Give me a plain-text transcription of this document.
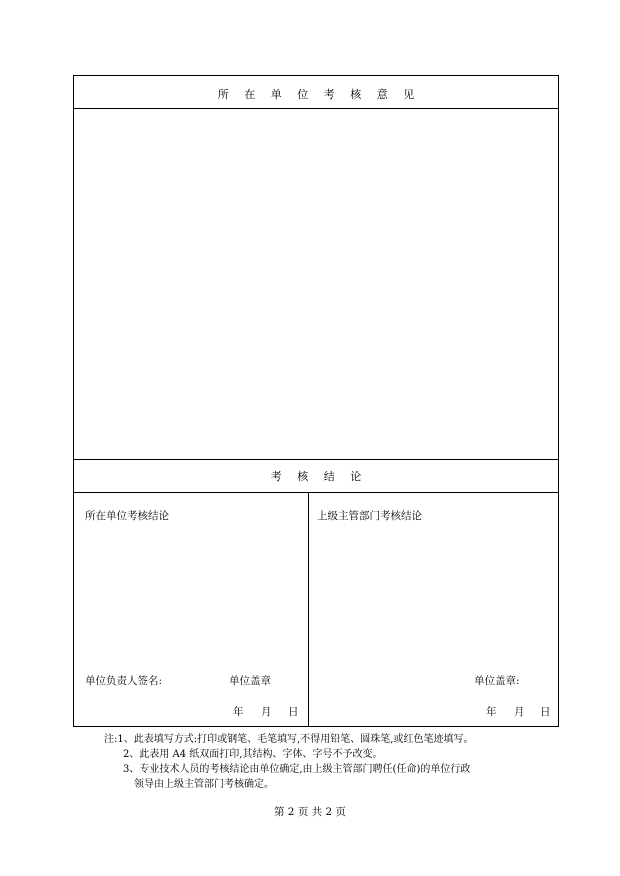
所 在 单 位 考 核 意 见
考 核 结 论
所在单位考核结论
单位负责人签名:	单位盖章
年 月 日
上级主管部门考核结论
单位盖章:
年 月 日
注:1、此表填写方式:打印或钢笔、毛笔填写,不得用铅笔、圆珠笔,或红色笔迹填写。
2、此表用 A4 纸双面打印,其结构、字体、字号不予改变。
3、专业技术人员的考核结论由单位确定,由上级主管部门聘任(任命)的单位行政
领导由上级主管部门考核确定。
第 2 页 共 2 页
